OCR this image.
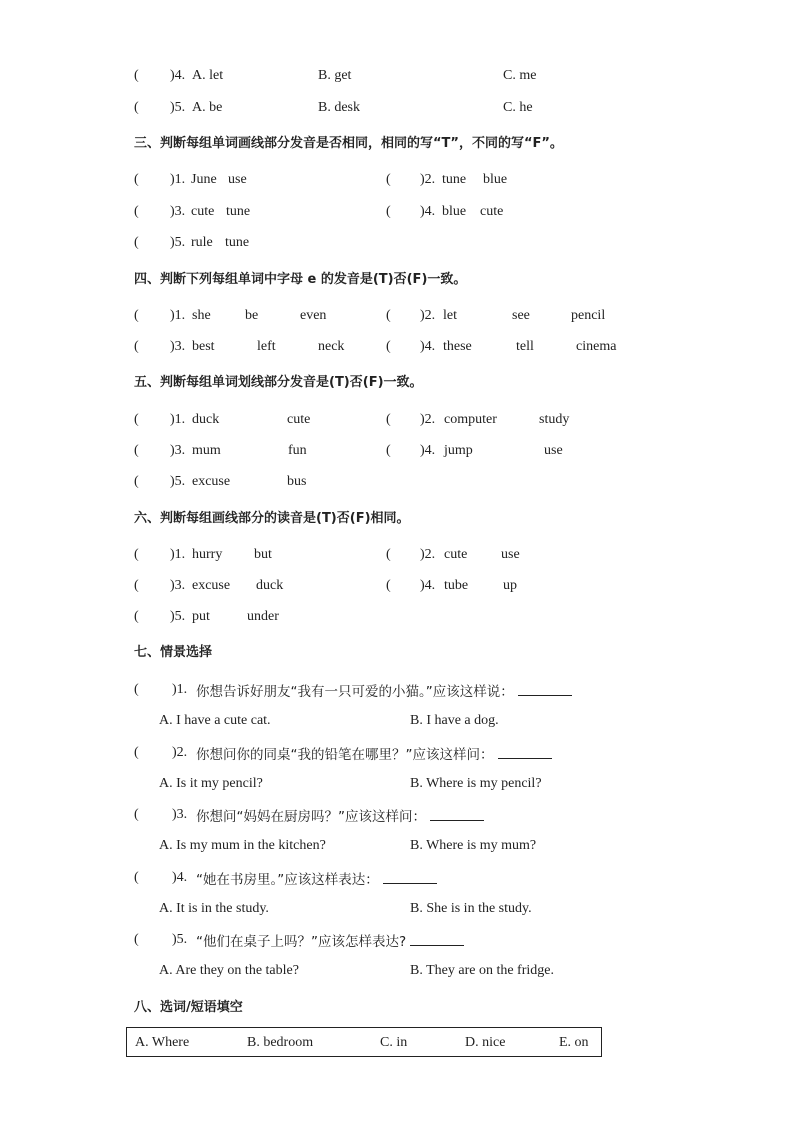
( )4. A. let	B. get	C. me
( )5. A. be	B. desk	C. he
三、判断每组单词画线部分发音是否相同，相同的写“T”，不同的写“F”。
( )1. June use	( )2. tune blue
( )3. cute tune	( )4. blue cute
( )5. rule tune
四、判断下列每组单词中字母 e 的发音是(T)否(F)一致。
( )1. she be	even	( )2. let	see	pencil
( )3. best	left	neck	( )4. these	tell	cinema
五、判断每组单词划线部分发音是(T)否(F)一致。
( )1. duck	cute	( )2. computer	study
( )3. mum	fun	( )4. jump	use
( )5. excuse	bus
六、判断每组画线部分的读音是(T)否(F)相同。
( )1. hurry but	( )2. cute use
( )3. excuse duck	( )4. tube up
( )5. put	under
七、情景选择
( )1. 你想告诉好朋友“我有一只可爱的小猫。”应该这样说：
A. I have a cute cat.	B. I have a dog.
( )2. 你想问你的同桌“我的铅笔在哪里？”应该这样问：
A. Is it my pencil?	B. Where is my pencil?
( )3. 你想问“妈妈在厨房吗？”应该这样问：
A. Is my mum in the kitchen?	B. Where is my mum?
( )4. “她在书房里。”应该这样表达：
A. It is in the study.	B. She is in the study.
( )5. “他们在桌子上吗？”应该怎样表达?
A. Are they on the table?	B. They are on the fridge.
八、选词/短语填空
A. Where	B. bedroom	C. in	D. nice	E. on
